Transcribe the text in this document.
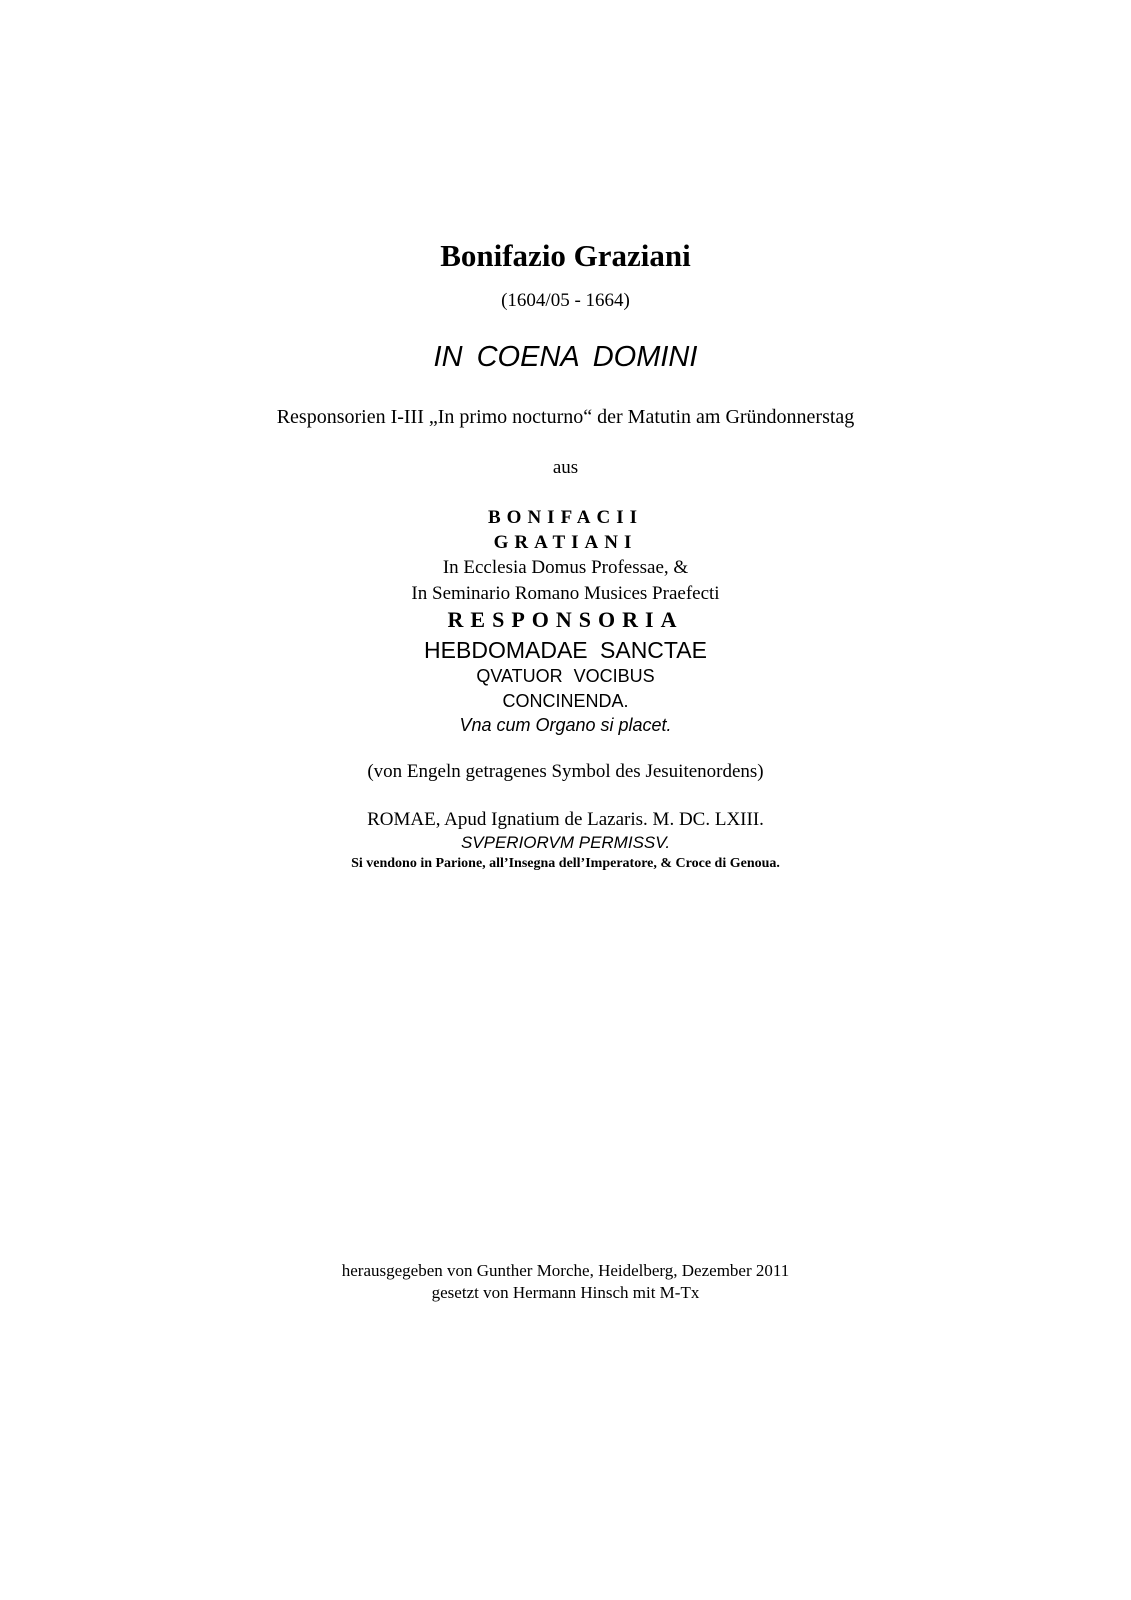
Bonifazio Graziani
(1604/05 - 1664)
IN COENA DOMINI
Responsorien I-III „In primo nocturno“ der Matutin am Gründonnerstag
aus
BONIFACII
GRATIANI
In Ecclesia Domus Professae, &
In Seminario Romano Musices Praefecti
RESPONSORIA
HEBDOMADAE SANCTAE
QVATUOR VOCIBUS
CONCINENDA.
Vna cum Organo si placet.
(von Engeln getragenes Symbol des Jesuitenordens)
ROMAE, Apud Ignatium de Lazaris. M. DC. LXIII.
SVPERIORVM PERMISSV.
Si vendono in Parione, all’Insegna dell’Imperatore, & Croce di Genoua.
herausgegeben von Gunther Morche, Heidelberg, Dezember 2011
gesetzt von Hermann Hinsch mit M-Tx
